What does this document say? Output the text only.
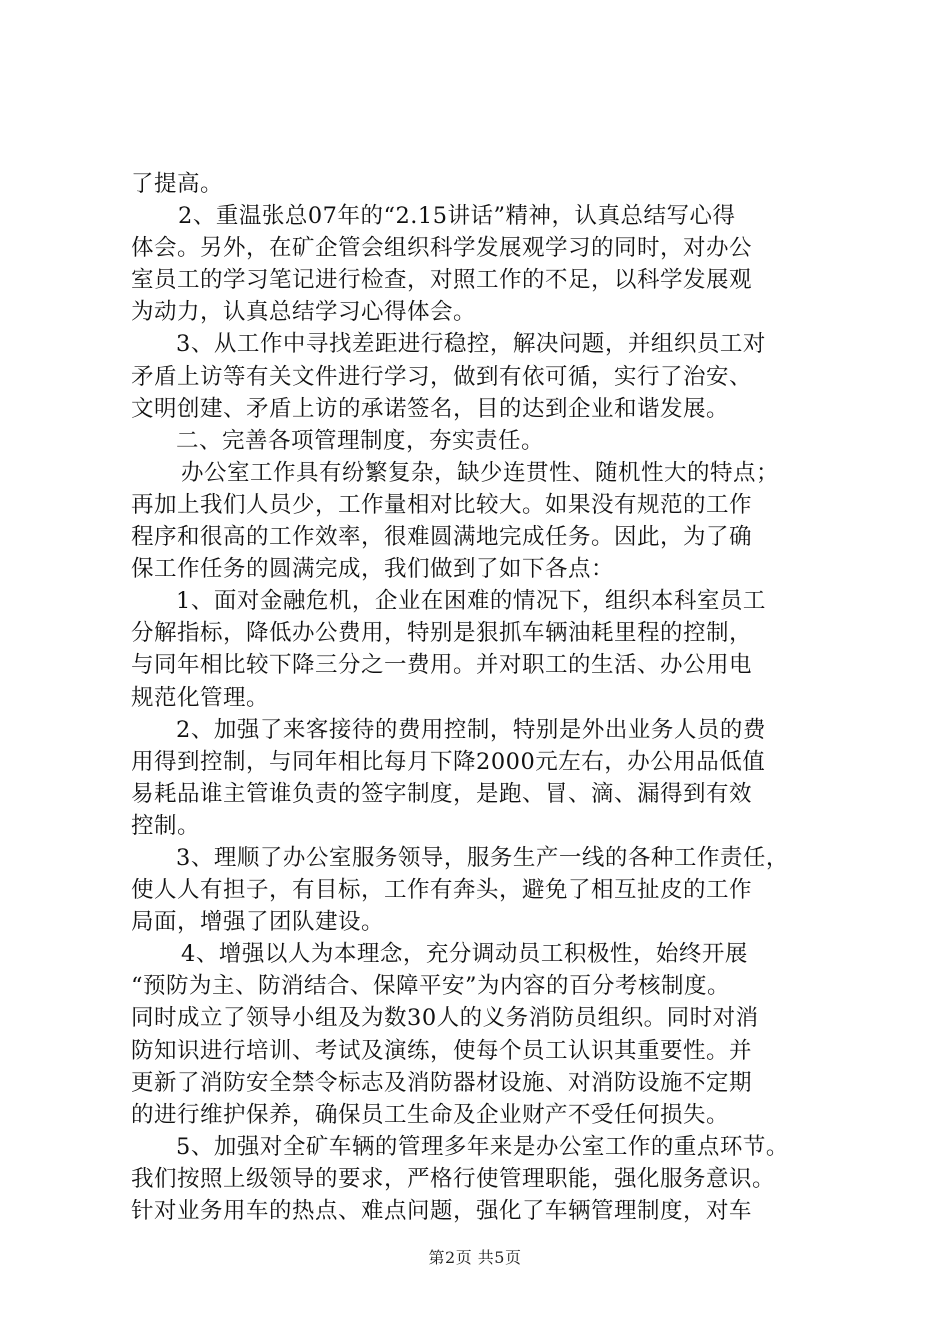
了提高。
2、重温张总07年的“2.15讲话”精神，认真总结写心得
体会。另外，在矿企管会组织科学发展观学习的同时，对办公
室员工的学习笔记进行检查，对照工作的不足，以科学发展观
为动力，认真总结学习心得体会。
3、从工作中寻找差距进行稳控，解决问题，并组织员工对
矛盾上访等有关文件进行学习，做到有依可循，实行了治安、
文明创建、矛盾上访的承诺签名，目的达到企业和谐发展。
二、完善各项管理制度，夯实责任。
办公室工作具有纷繁复杂，缺少连贯性、随机性大的特点；
再加上我们人员少，工作量相对比较大。如果没有规范的工作
程序和很高的工作效率，很难圆满地完成任务。因此，为了确
保工作任务的圆满完成，我们做到了如下各点：
1、面对金融危机，企业在困难的情况下，组织本科室员工
分解指标，降低办公费用，特别是狠抓车辆油耗里程的控制，
与同年相比较下降三分之一费用。并对职工的生活、办公用电
规范化管理。
2、加强了来客接待的费用控制，特别是外出业务人员的费
用得到控制，与同年相比每月下降2000元左右，办公用品低值
易耗品谁主管谁负责的签字制度，是跑、冒、滴、漏得到有效
控制。
3、理顺了办公室服务领导，服务生产一线的各种工作责任，
使人人有担子，有目标，工作有奔头，避免了相互扯皮的工作
局面，增强了团队建设。
4、增强以人为本理念，充分调动员工积极性，始终开展
“预防为主、防消结合、保障平安”为内容的百分考核制度。
同时成立了领导小组及为数30人的义务消防员组织。同时对消
防知识进行培训、考试及演练，使每个员工认识其重要性。并
更新了消防安全禁令标志及消防器材设施、对消防设施不定期
的进行维护保养，确保员工生命及企业财产不受任何损失。
5、加强对全矿车辆的管理多年来是办公室工作的重点环节。
我们按照上级领导的要求，严格行使管理职能，强化服务意识。
针对业务用车的热点、难点问题，强化了车辆管理制度，对车
第2页 共5页
